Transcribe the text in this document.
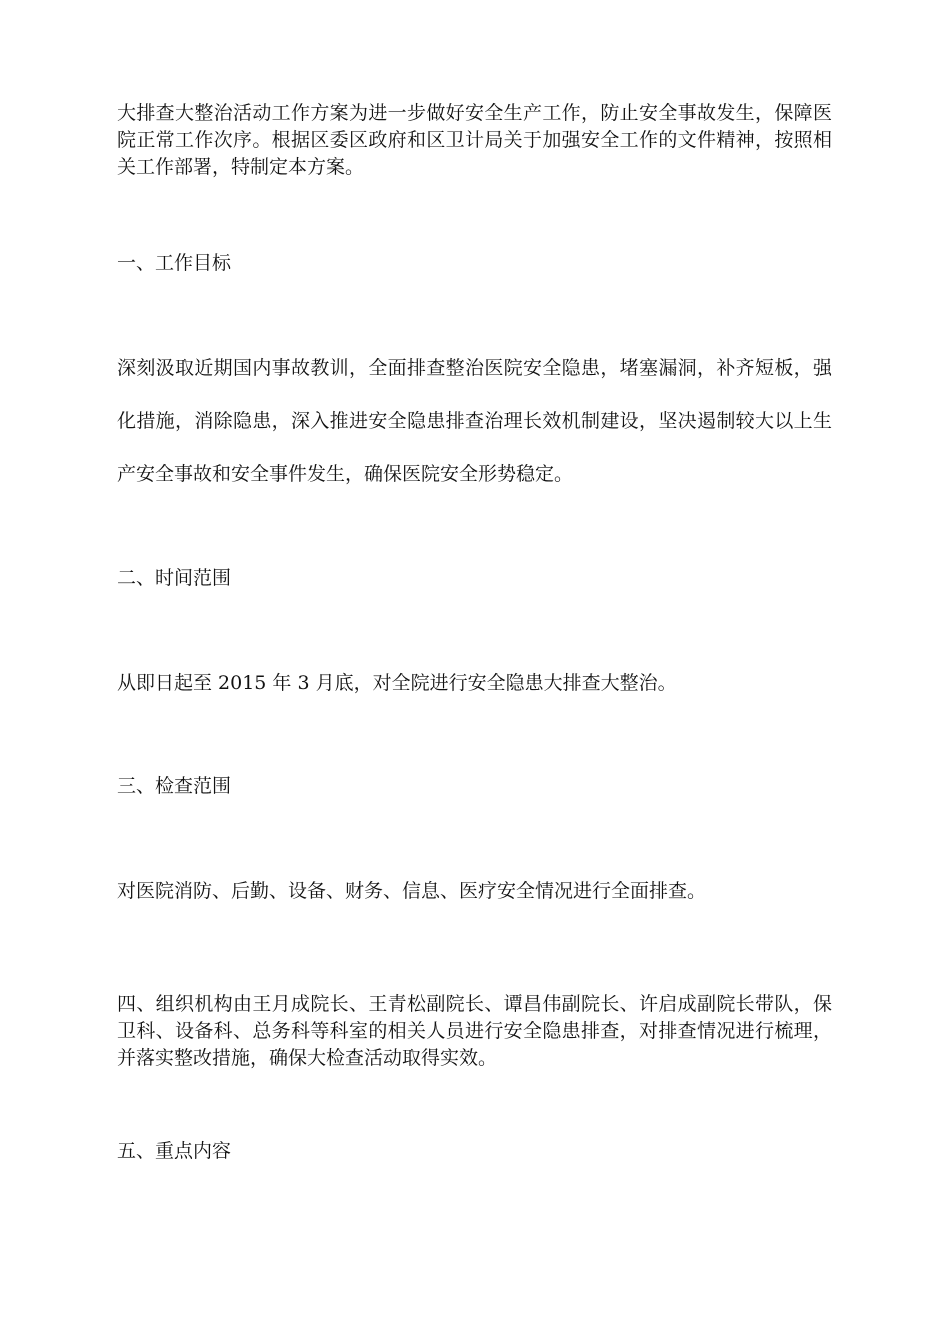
大排查大整治活动工作方案为进一步做好安全生产工作，防止安全事故发生，保障医院正常工作次序。根据区委区政府和区卫计局关于加强安全工作的文件精神，按照相关工作部署，特制定本方案。

一、工作目标

深刻汲取近期国内事故教训，全面排查整治医院安全隐患，堵塞漏洞，补齐短板，强化措施，消除隐患，深入推进安全隐患排查治理长效机制建设，坚决遏制较大以上生产安全事故和安全事件发生，确保医院安全形势稳定。

二、时间范围

从即日起至 2015 年 3 月底，对全院进行安全隐患大排查大整治。

三、检查范围

对医院消防、后勤、设备、财务、信息、医疗安全情况进行全面排查。

四、组织机构由王月成院长、王青松副院长、谭昌伟副院长、许启成副院长带队，保卫科、设备科、总务科等科室的相关人员进行安全隐患排查，对排查情况进行梳理，并落实整改措施，确保大检查活动取得实效。

五、重点内容
